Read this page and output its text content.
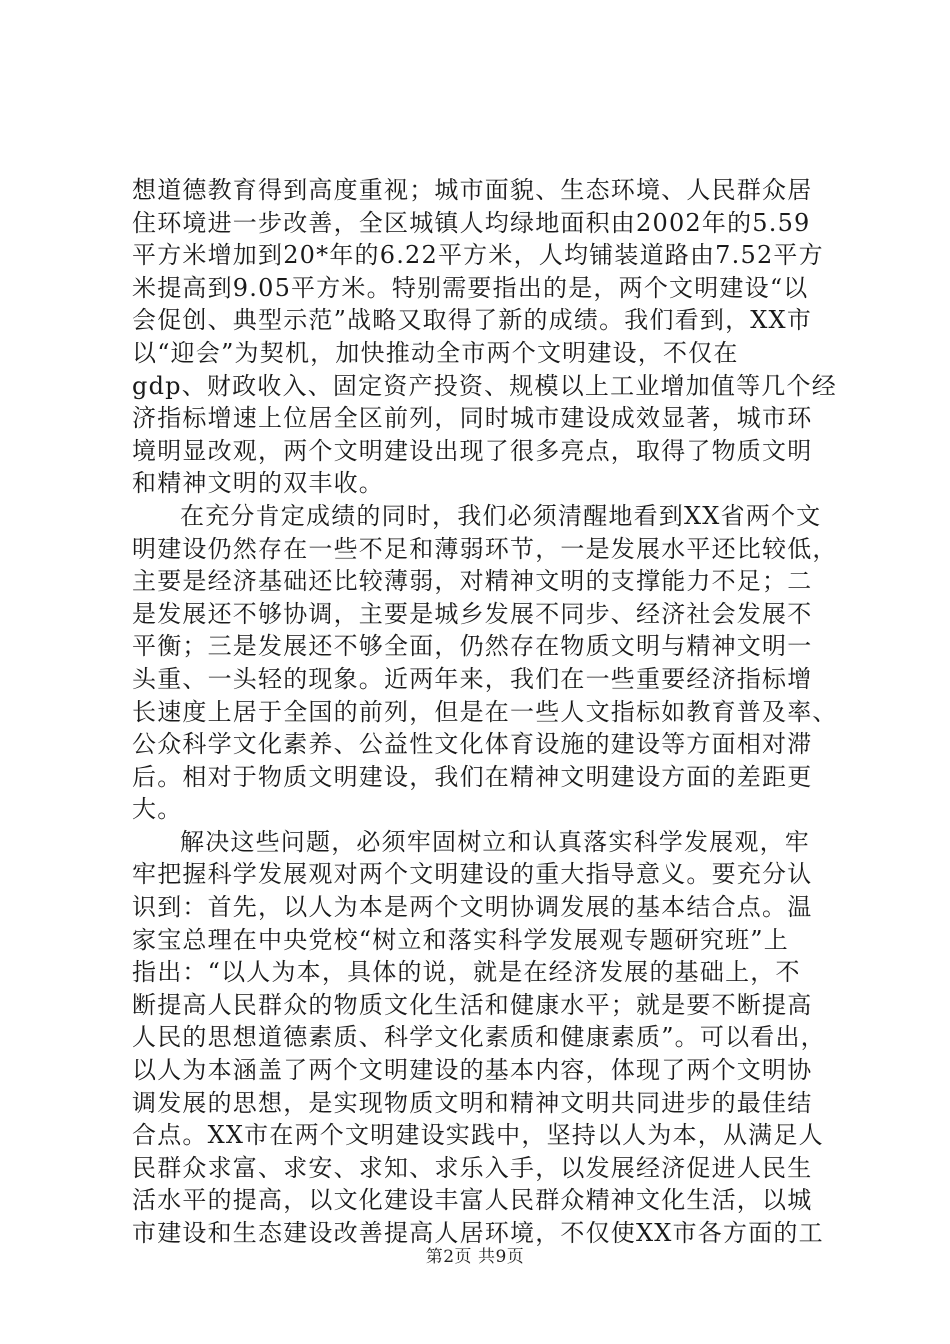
想道德教育得到高度重视；城市面貌、生态环境、人民群众居
住环境进一步改善，全区城镇人均绿地面积由2002年的5.59
平方米增加到20*年的6.22平方米，人均铺装道路由7.52平方
米提高到9.05平方米。特别需要指出的是，两个文明建设“以
会促创、典型示范”战略又取得了新的成绩。我们看到，XX市
以“迎会”为契机，加快推动全市两个文明建设，不仅在
gdp、财政收入、固定资产投资、规模以上工业增加值等几个经
济指标增速上位居全区前列，同时城市建设成效显著，城市环
境明显改观，两个文明建设出现了很多亮点，取得了物质文明
和精神文明的双丰收。
在充分肯定成绩的同时，我们必须清醒地看到XX省两个文
明建设仍然存在一些不足和薄弱环节，一是发展水平还比较低，
主要是经济基础还比较薄弱，对精神文明的支撑能力不足；二
是发展还不够协调，主要是城乡发展不同步、经济社会发展不
平衡；三是发展还不够全面，仍然存在物质文明与精神文明一
头重、一头轻的现象。近两年来，我们在一些重要经济指标增
长速度上居于全国的前列，但是在一些人文指标如教育普及率、
公众科学文化素养、公益性文化体育设施的建设等方面相对滞
后。相对于物质文明建设，我们在精神文明建设方面的差距更
大。
解决这些问题，必须牢固树立和认真落实科学发展观，牢
牢把握科学发展观对两个文明建设的重大指导意义。要充分认
识到：首先，以人为本是两个文明协调发展的基本结合点。温
家宝总理在中央党校“树立和落实科学发展观专题研究班”上
指出：“以人为本，具体的说，就是在经济发展的基础上，不
断提高人民群众的物质文化生活和健康水平；就是要不断提高
人民的思想道德素质、科学文化素质和健康素质”。可以看出，
以人为本涵盖了两个文明建设的基本内容，体现了两个文明协
调发展的思想，是实现物质文明和精神文明共同进步的最佳结
合点。XX市在两个文明建设实践中，坚持以人为本，从满足人
民群众求富、求安、求知、求乐入手，以发展经济促进人民生
活水平的提高，以文化建设丰富人民群众精神文化生活，以城
市建设和生态建设改善提高人居环境，不仅使XX市各方面的工
第2页 共9页
